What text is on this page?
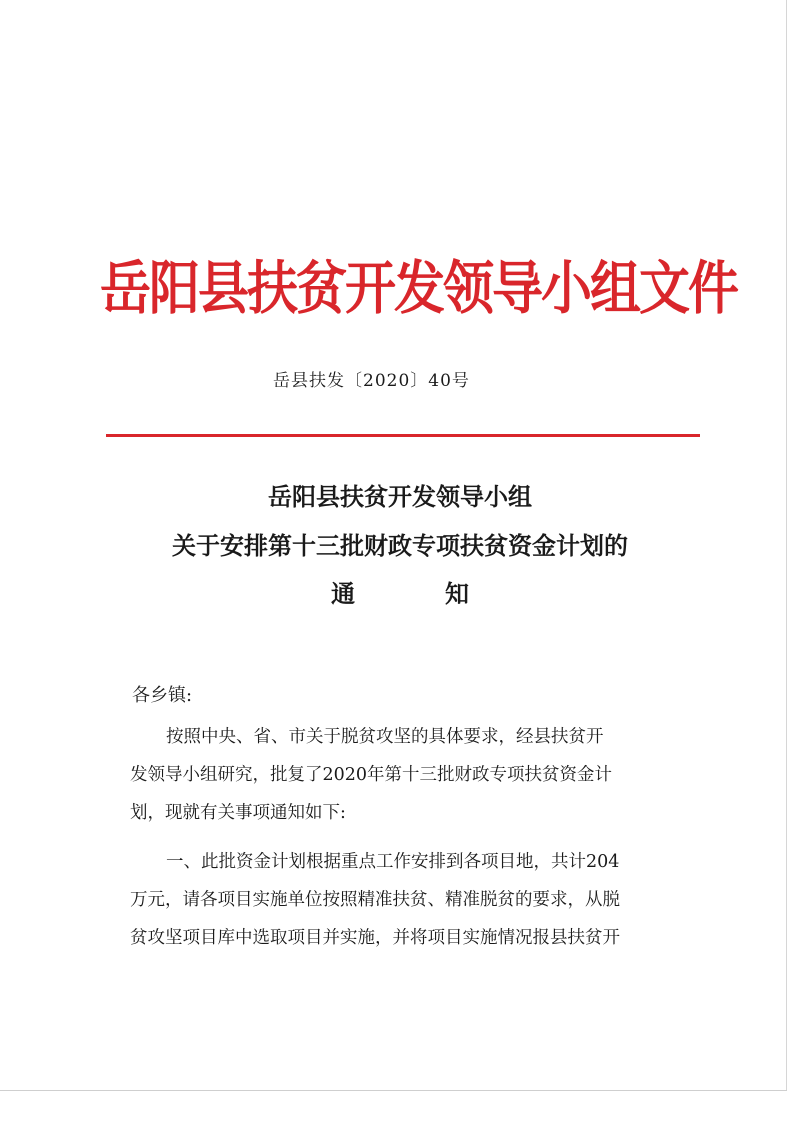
岳阳县扶贫开发领导小组文件
岳县扶发〔2020〕40号
岳阳县扶贫开发领导小组
关于安排第十三批财政专项扶贫资金计划的
通	知
各乡镇:
按照中央、省、市关于脱贫攻坚的具体要求，经县扶贫开
发领导小组研究，批复了2020年第十三批财政专项扶贫资金计
划，现就有关事项通知如下:
一、此批资金计划根据重点工作安排到各项目地，共计204
万元，请各项目实施单位按照精准扶贫、精准脱贫的要求，从脱
贫攻坚项目库中选取项目并实施，并将项目实施情况报县扶贫开
